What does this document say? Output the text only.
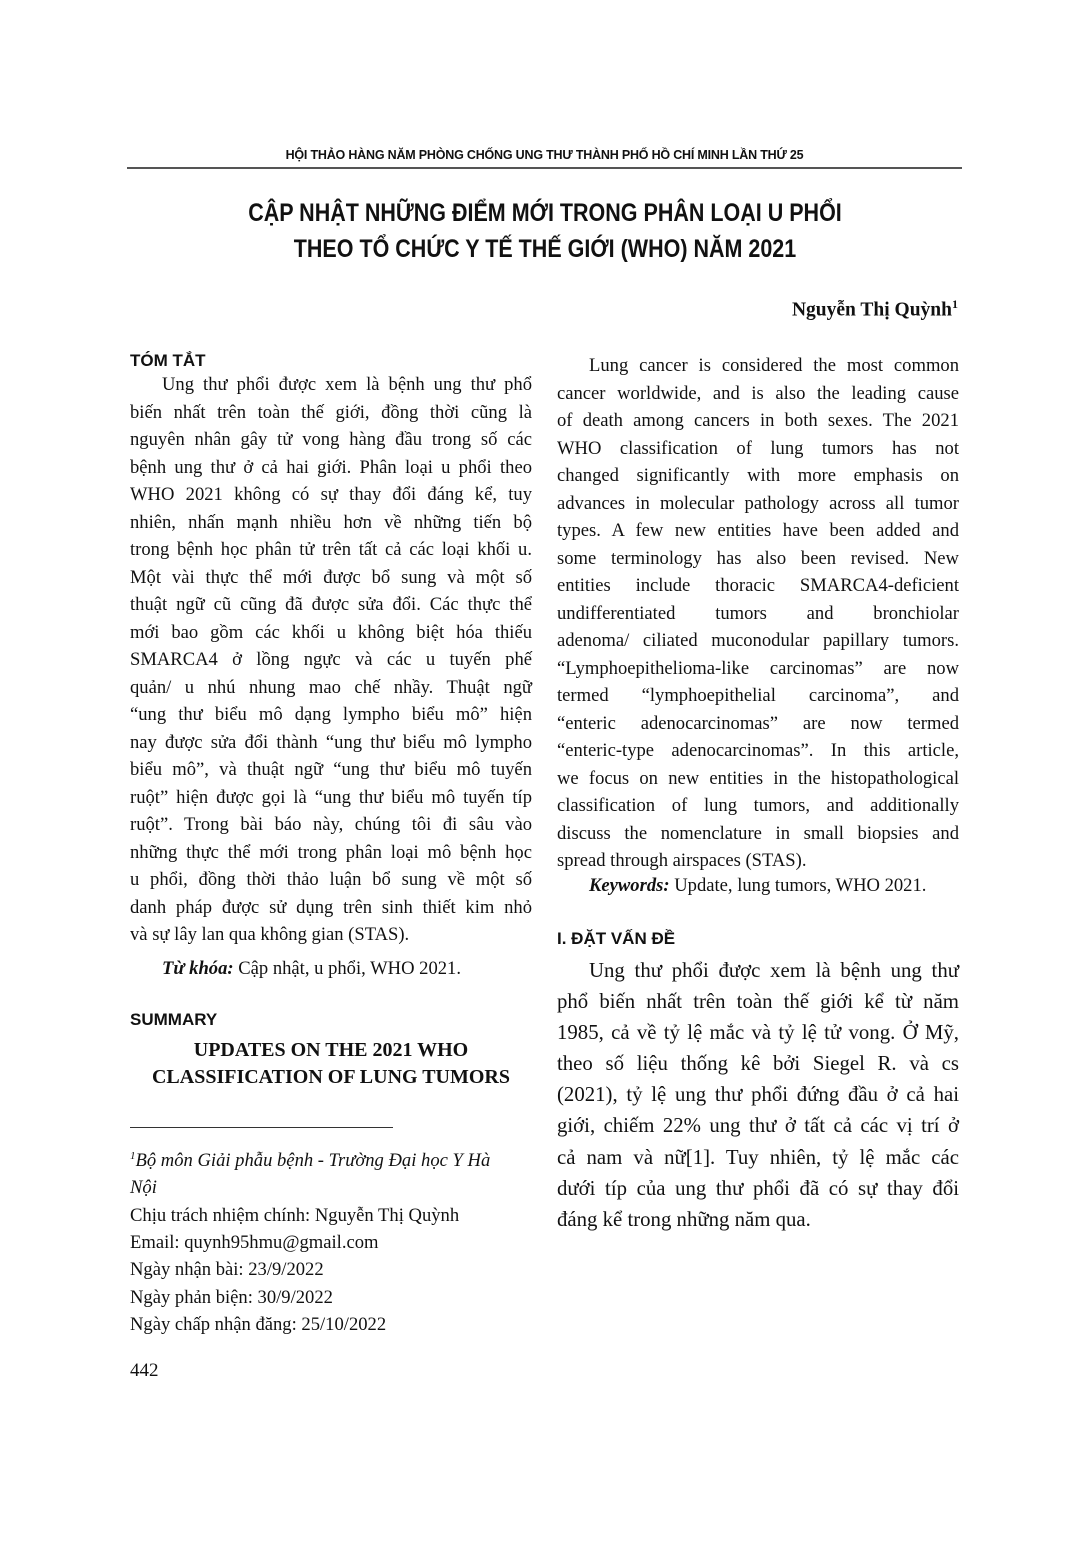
HỘI THẢO HÀNG NĂM PHÒNG CHỐNG UNG THƯ THÀNH PHỐ HỒ CHÍ MINH LẦN THỨ 25
CẬP NHẬT NHỮNG ĐIỂM MỚI TRONG PHÂN LOẠI U PHỔI
THEO TỔ CHỨC Y TẾ THẾ GIỚI (WHO) NĂM 2021
Nguyễn Thị Quỳnh$^1$
TÓM TẮT
Ung thư phổi được xem là bệnh ung thư phổ
biến nhất trên toàn thế giới, đồng thời cũng là
nguyên nhân gây tử vong hàng đầu trong số các
bệnh ung thư ở cả hai giới. Phân loại u phổi theo
WHO 2021 không có sự thay đổi đáng kể, tuy
nhiên, nhấn mạnh nhiều hơn về những tiến bộ
trong bệnh học phân tử trên tất cả các loại khối u.
Một vài thực thể mới được bổ sung và một số
thuật ngữ cũ cũng đã được sửa đổi. Các thực thể
mới bao gồm các khối u không biệt hóa thiếu
SMARCA4 ở lồng ngực và các u tuyến phế
quản/ u nhú nhung mao chế nhầy. Thuật ngữ
“ung thư biểu mô dạng lympho biểu mô” hiện
nay được sửa đổi thành “ung thư biểu mô lympho
biểu mô”, và thuật ngữ “ung thư biểu mô tuyến
ruột” hiện được gọi là “ung thư biểu mô tuyến típ
ruột”. Trong bài báo này, chúng tôi đi sâu vào
những thực thể mới trong phân loại mô bệnh học
u phổi, đồng thời thảo luận bổ sung về một số
danh pháp được sử dụng trên sinh thiết kim nhỏ
và sự lây lan qua không gian (STAS).
Từ khóa: Cập nhật, u phổi, WHO 2021.
SUMMARY
UPDATES ON THE 2021 WHO
CLASSIFICATION OF LUNG TUMORS
$^1$Bộ môn Giải phẫu bệnh - Trường Đại học Y Hà
Nội
Chịu trách nhiệm chính: Nguyễn Thị Quỳnh
Email: quynh95hmu@gmail.com
Ngày nhận bài: 23/9/2022
Ngày phản biện: 30/9/2022
Ngày chấp nhận đăng: 25/10/2022
442
Lung cancer is considered the most common
cancer worldwide, and is also the leading cause
of death among cancers in both sexes. The 2021
WHO classification of lung tumors has not
changed significantly with more emphasis on
advances in molecular pathology across all tumor
types. A few new entities have been added and
some terminology has also been revised. New
entities include thoracic SMARCA4-deficient
undifferentiated tumors and bronchiolar
adenoma/ ciliated muconodular papillary tumors.
“Lymphoepithelioma-like carcinomas” are now
termed “lymphoepithelial carcinoma”, and
“enteric adenocarcinomas” are now termed
“enteric-type adenocarcinomas”. In this article,
we focus on new entities in the histopathological
classification of lung tumors, and additionally
discuss the nomenclature in small biopsies and
spread through airspaces (STAS).
Keywords: Update, lung tumors, WHO 2021.
I. ĐẶT VẤN ĐỀ
Ung thư phổi được xem là bệnh ung thư
phổ biến nhất trên toàn thế giới kể từ năm
1985, cả về tỷ lệ mắc và tỷ lệ tử vong. Ở Mỹ,
theo số liệu thống kê bởi Siegel R. và cs
(2021), tỷ lệ ung thư phổi đứng đầu ở cả hai
giới, chiếm 22% ung thư ở tất cả các vị trí ở
cả nam và nữ[1]. Tuy nhiên, tỷ lệ mắc các
dưới típ của ung thư phổi đã có sự thay đổi
đáng kể trong những năm qua.
